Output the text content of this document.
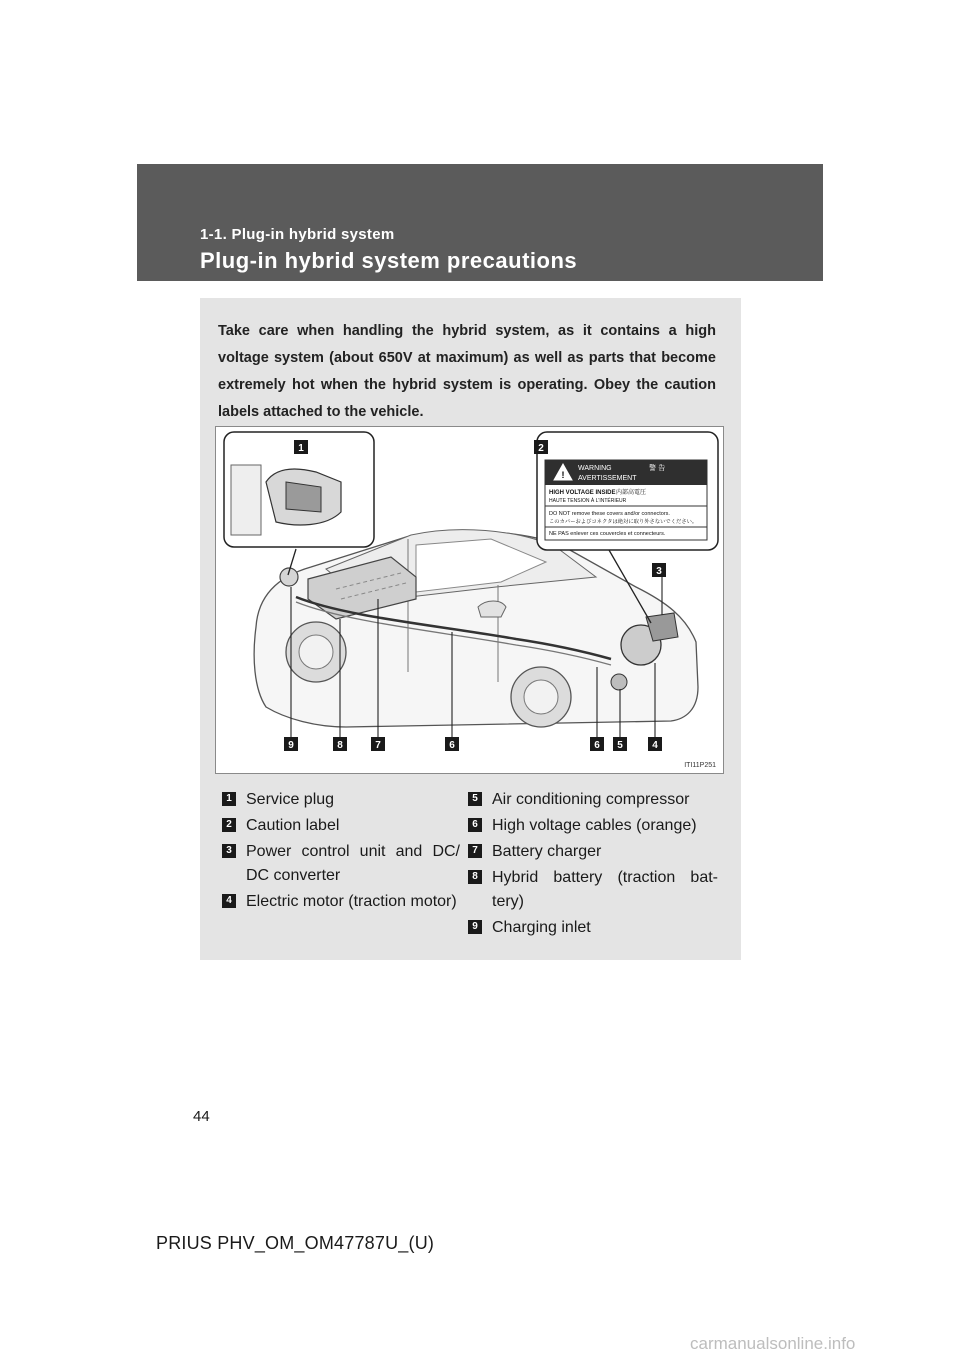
1-1. Plug-in hybrid system
Plug-in hybrid system precautions
Take care when handling the hybrid system, as it contains a high voltage system (about 650V at maximum) as well as parts that become extremely hot when the hybrid system is operating. Obey the caution labels attached to the vehicle.
!
WARNING	警 告
AVERTISSEMENT
HIGH VOLTAGE INSIDE 内部高電圧
HAUTE TENSION À L'INTÉRIEUR
DO NOT remove these covers and/or connectors.
このカバーおよびコネクタは絶対に取り外さないでください。
NE PAS enlever ces couvercles et connecteurs.
1	2
3
9	8	7	6	6 5	4
ITI11P251
1 Service plug
2 Caution label
3 Power control unit and DC/ DC converter
4 Electric motor (traction motor)
5 Air conditioning compressor
6 High voltage cables (orange)
7 Battery charger
8 Hybrid battery (traction bat- tery)
9 Charging inlet
44
PRIUS PHV_OM_OM47787U_(U)
carmanualsonline.info
